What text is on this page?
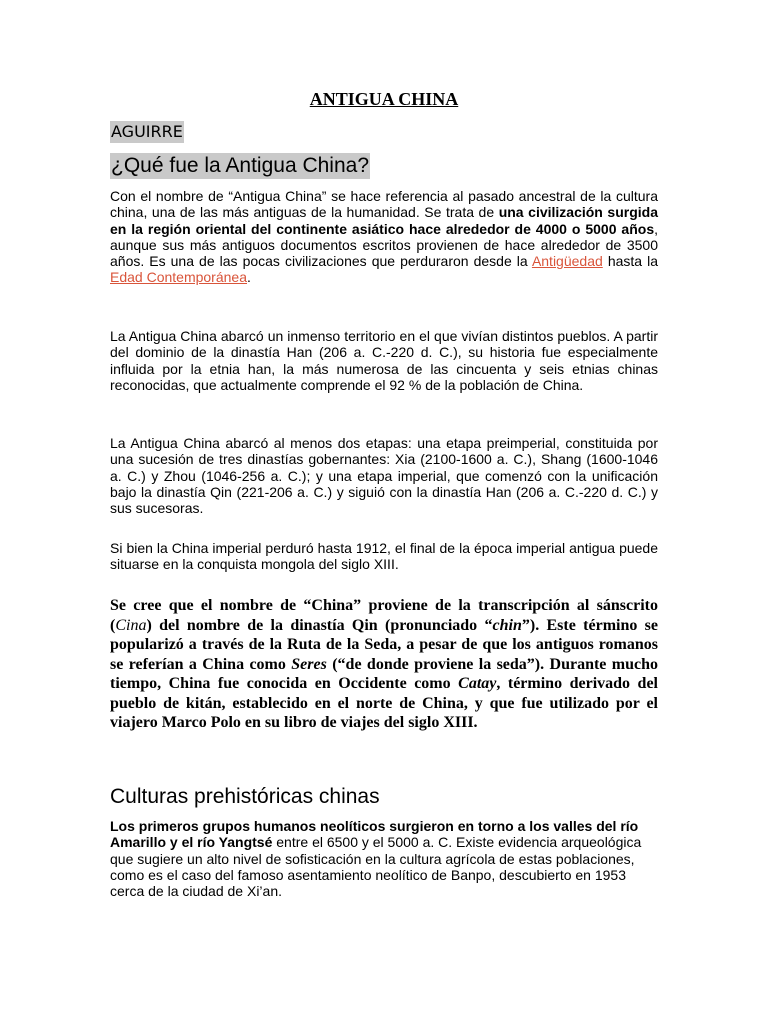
ANTIGUA CHINA
AGUIRRE
¿Qué fue la Antigua China?

Con el nombre de “Antigua China” se hace referencia al pasado ancestral de la cultura china, una de las más antiguas de la humanidad. Se trata de una civilización surgida en la región oriental del continente asiático hace alrededor de 4000 o 5000 años, aunque sus más antiguos documentos escritos provienen de hace alrededor de 3500 años. Es una de las pocas civilizaciones que perduraron desde la Antigüedad hasta la Edad Contemporánea.

La Antigua China abarcó un inmenso territorio en el que vivían distintos pueblos. A partir del dominio de la dinastía Han (206 a. C.-220 d. C.), su historia fue especialmente influida por la etnia han, la más numerosa de las cincuenta y seis etnias chinas reconocidas, que actualmente comprende el 92 % de la población de China.

La Antigua China abarcó al menos dos etapas: una etapa preimperial, constituida por una sucesión de tres dinastías gobernantes: Xia (2100-1600 a. C.), Shang (1600-1046 a. C.) y Zhou (1046-256 a. C.); y una etapa imperial, que comenzó con la unificación bajo la dinastía Qin (221-206 a. C.) y siguió con la dinastía Han (206 a. C.-220 d. C.) y sus sucesoras.

Si bien la China imperial perduró hasta 1912, el final de la época imperial antigua puede situarse en la conquista mongola del siglo XIII.

Se cree que el nombre de “China” proviene de la transcripción al sánscrito (Cina) del nombre de la dinastía Qin (pronunciado “chin”). Este término se popularizó a través de la Ruta de la Seda, a pesar de que los antiguos romanos se referían a China como Seres (“de donde proviene la seda”). Durante mucho tiempo, China fue conocida en Occidente como Catay, término derivado del pueblo de kitán, establecido en el norte de China, y que fue utilizado por el viajero Marco Polo en su libro de viajes del siglo XIII.

Culturas prehistóricas chinas

Los primeros grupos humanos neolíticos surgieron en torno a los valles del río Amarillo y el río Yangtsé entre el 6500 y el 5000 a. C. Existe evidencia arqueológica que sugiere un alto nivel de sofisticación en la cultura agrícola de estas poblaciones, como es el caso del famoso asentamiento neolítico de Banpo, descubierto en 1953 cerca de la ciudad de Xi’an.
